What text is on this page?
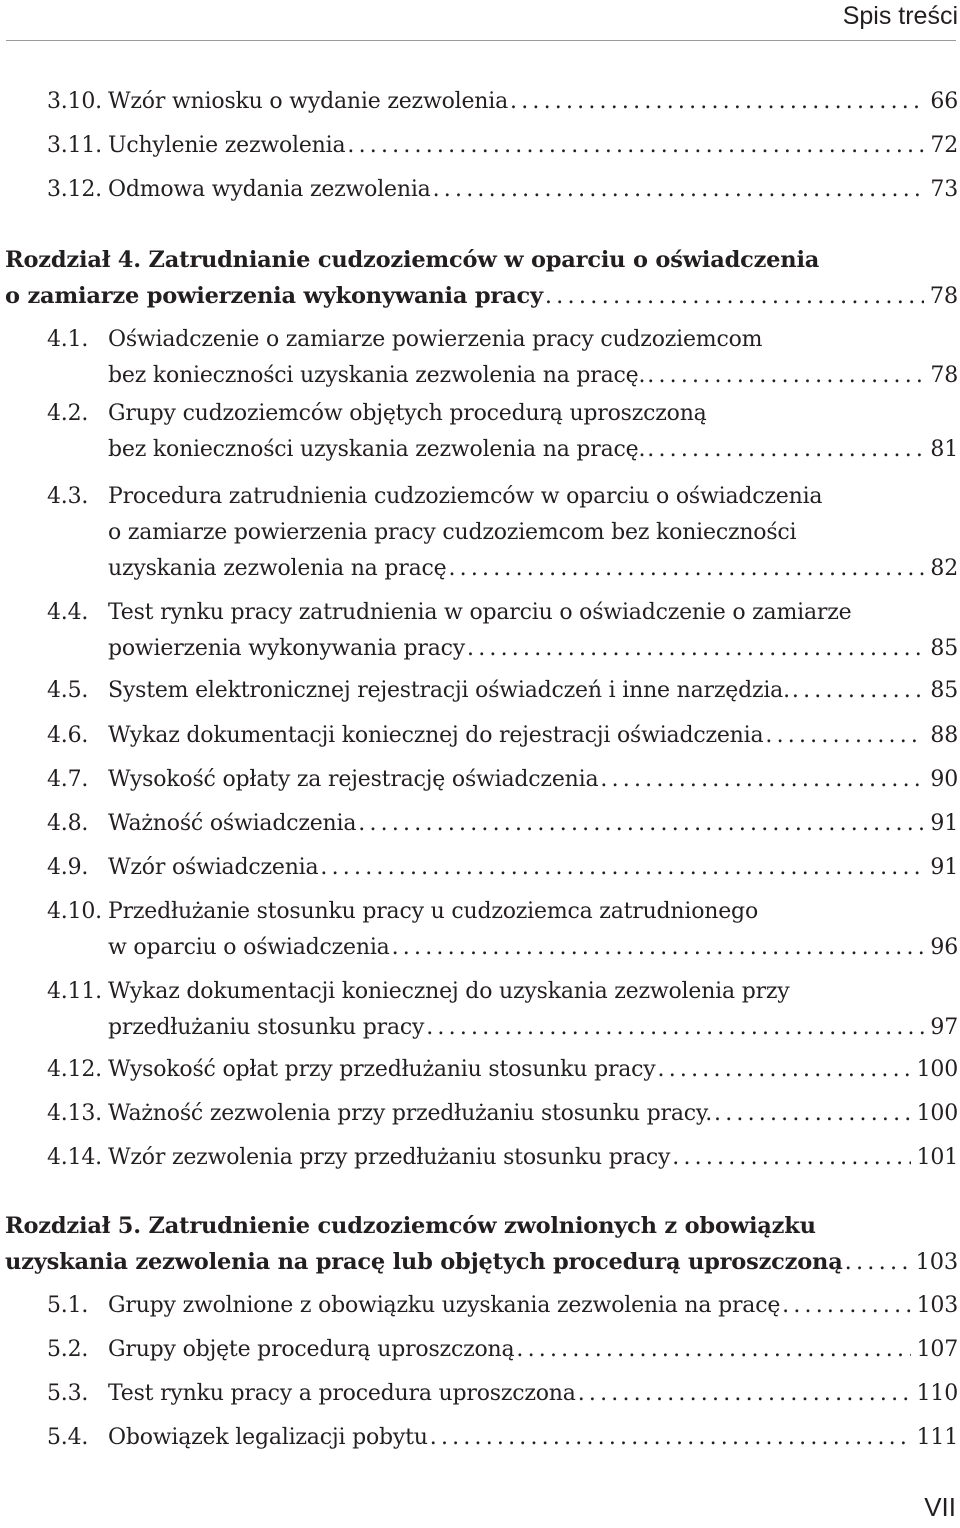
Spis treści
3.10. Wzór wniosku o wydanie zezwolenia .....	66
3.11. Uchylenie zezwolenia .....	72
3.12. Odmowa wydania zezwolenia .....	73
Rozdział 4. Zatrudnianie cudzoziemców w oparciu o oświadczenia
o zamiarze powierzenia wykonywania pracy .....	78
4.1. Oświadczenie o zamiarze powierzenia pracy cudzoziemcom
bez konieczności uzyskania zezwolenia na pracę. .....	78
4.2. Grupy cudzoziemców objętych procedurą uproszczoną
bez konieczności uzyskania zezwolenia na pracę. .....	81
4.3. Procedura zatrudnienia cudzoziemców w oparciu o oświadczenia
o zamiarze powierzenia pracy cudzoziemcom bez konieczności
uzyskania zezwolenia na pracę .....	82
4.4. Test rynku pracy zatrudnienia w oparciu o oświadczenie o zamiarze
powierzenia wykonywania pracy .....	85
4.5. System elektronicznej rejestracji oświadczeń i inne narzędzia. .....	85
4.6. Wykaz dokumentacji koniecznej do rejestracji oświadczenia .....	88
4.7. Wysokość opłaty za rejestrację oświadczenia .....	90
4.8. Ważność oświadczenia .....	91
4.9. Wzór oświadczenia .....	91
4.10. Przedłużanie stosunku pracy u cudzoziemca zatrudnionego
w oparciu o oświadczenia .....	96
4.11. Wykaz dokumentacji koniecznej do uzyskania zezwolenia przy
przedłużaniu stosunku pracy .....	97
4.12. Wysokość opłat przy przedłużaniu stosunku pracy .....	100
4.13. Ważność zezwolenia przy przedłużaniu stosunku pracy. .....	100
4.14. Wzór zezwolenia przy przedłużaniu stosunku pracy .....	101
Rozdział 5. Zatrudnienie cudzoziemców zwolnionych z obowiązku
uzyskania zezwolenia na pracę lub objętych procedurą uproszczoną .....	103
5.1. Grupy zwolnione z obowiązku uzyskania zezwolenia na pracę .....	103
5.2. Grupy objęte procedurą uproszczoną .....	107
5.3. Test rynku pracy a procedura uproszczona .....	110
5.4. Obowiązek legalizacji pobytu .....	111
VII
